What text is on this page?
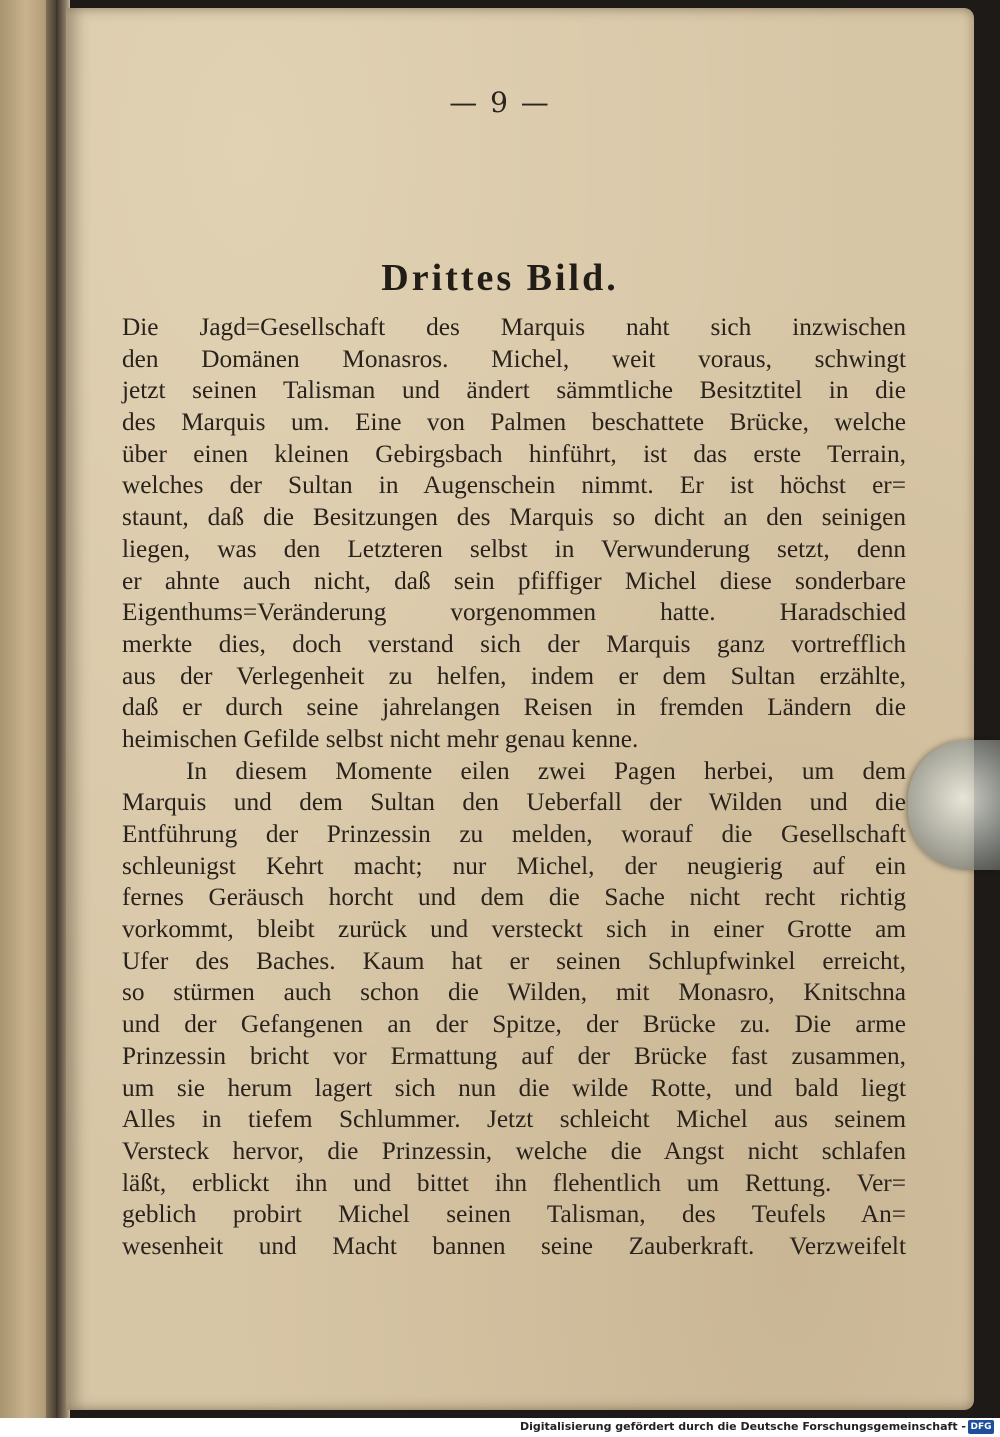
— 9 —
Drittes Bild.
Die Jagd=Gesellschaft des Marquis naht sich inzwischen
den Domänen Monasros. Michel, weit voraus, schwingt
jetzt seinen Talisman und ändert sämmtliche Besitztitel in die
des Marquis um. Eine von Palmen beschattete Brücke, welche
über einen kleinen Gebirgsbach hinführt, ist das erste Terrain,
welches der Sultan in Augenschein nimmt. Er ist höchst er=
staunt, daß die Besitzungen des Marquis so dicht an den seinigen
liegen, was den Letzteren selbst in Verwunderung setzt, denn
er ahnte auch nicht, daß sein pfiffiger Michel diese sonderbare
Eigenthums=Veränderung vorgenommen hatte. Haradschied
merkte dies, doch verstand sich der Marquis ganz vortrefflich
aus der Verlegenheit zu helfen, indem er dem Sultan erzählte,
daß er durch seine jahrelangen Reisen in fremden Ländern die
heimischen Gefilde selbst nicht mehr genau kenne.
In diesem Momente eilen zwei Pagen herbei, um dem
Marquis und dem Sultan den Ueberfall der Wilden und die
Entführung der Prinzessin zu melden, worauf die Gesellschaft
schleunigst Kehrt macht; nur Michel, der neugierig auf ein
fernes Geräusch horcht und dem die Sache nicht recht richtig
vorkommt, bleibt zurück und versteckt sich in einer Grotte am
Ufer des Baches. Kaum hat er seinen Schlupfwinkel erreicht,
so stürmen auch schon die Wilden, mit Monasro, Knitschna
und der Gefangenen an der Spitze, der Brücke zu. Die arme
Prinzessin bricht vor Ermattung auf der Brücke fast zusammen,
um sie herum lagert sich nun die wilde Rotte, und bald liegt
Alles in tiefem Schlummer. Jetzt schleicht Michel aus seinem
Versteck hervor, die Prinzessin, welche die Angst nicht schlafen
läßt, erblickt ihn und bittet ihn flehentlich um Rettung. Ver=
geblich probirt Michel seinen Talisman, des Teufels An=
wesenheit und Macht bannen seine Zauberkraft. Verzweifelt
Digitalisierung gefördert durch die Deutsche Forschungsgemeinschaft - DFG
